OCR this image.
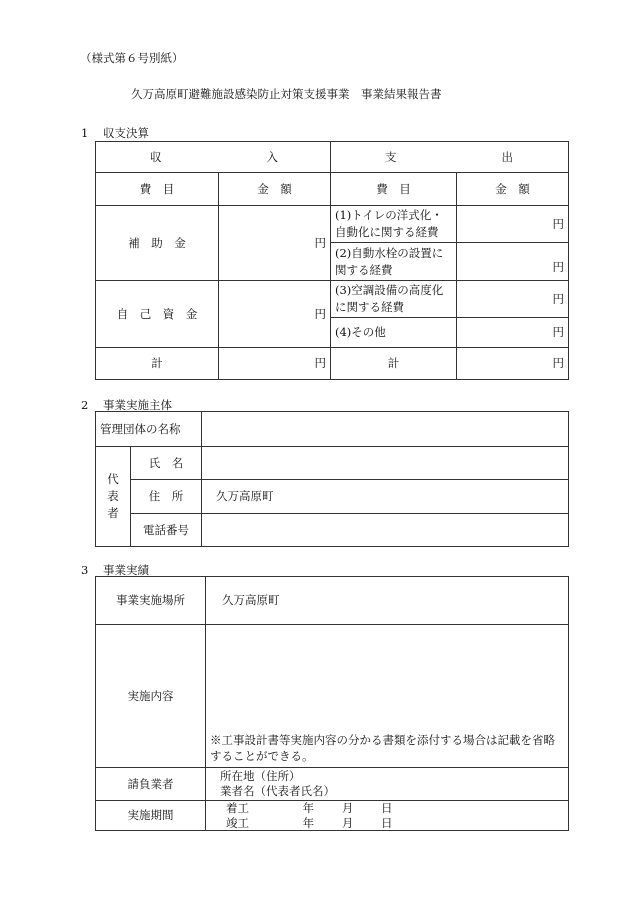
（様式第６号別紙）
久万高原町避難施設感染防止対策支援事業　事業結果報告書
1 収支決算
収 入		支 出	
費　目	金　額	費　目	金　額
補　助　金	円	(1)トイレの洋式化・自動化に関する経費	円
		(2)自動水栓の設置に関する経費	円
自　己　資　金	円	(3)空調設備の高度化に関する経費	円
		(4)その他	円
計	円	計	円
2 事業実施主体
管理団体の名称		

代
表
者	氏　名	
	住　所	久万高原町
	電話番号	
3 事業実績
事業実施場所	久万高原町
実施内容	※工事設計書等実施内容の分かる書類を添付する場合は記載を省略することができる。

請負業者	所在地（住所）
業者名（代表者氏名）

実施期間	着工 年 月 日
竣工 年 月 日
